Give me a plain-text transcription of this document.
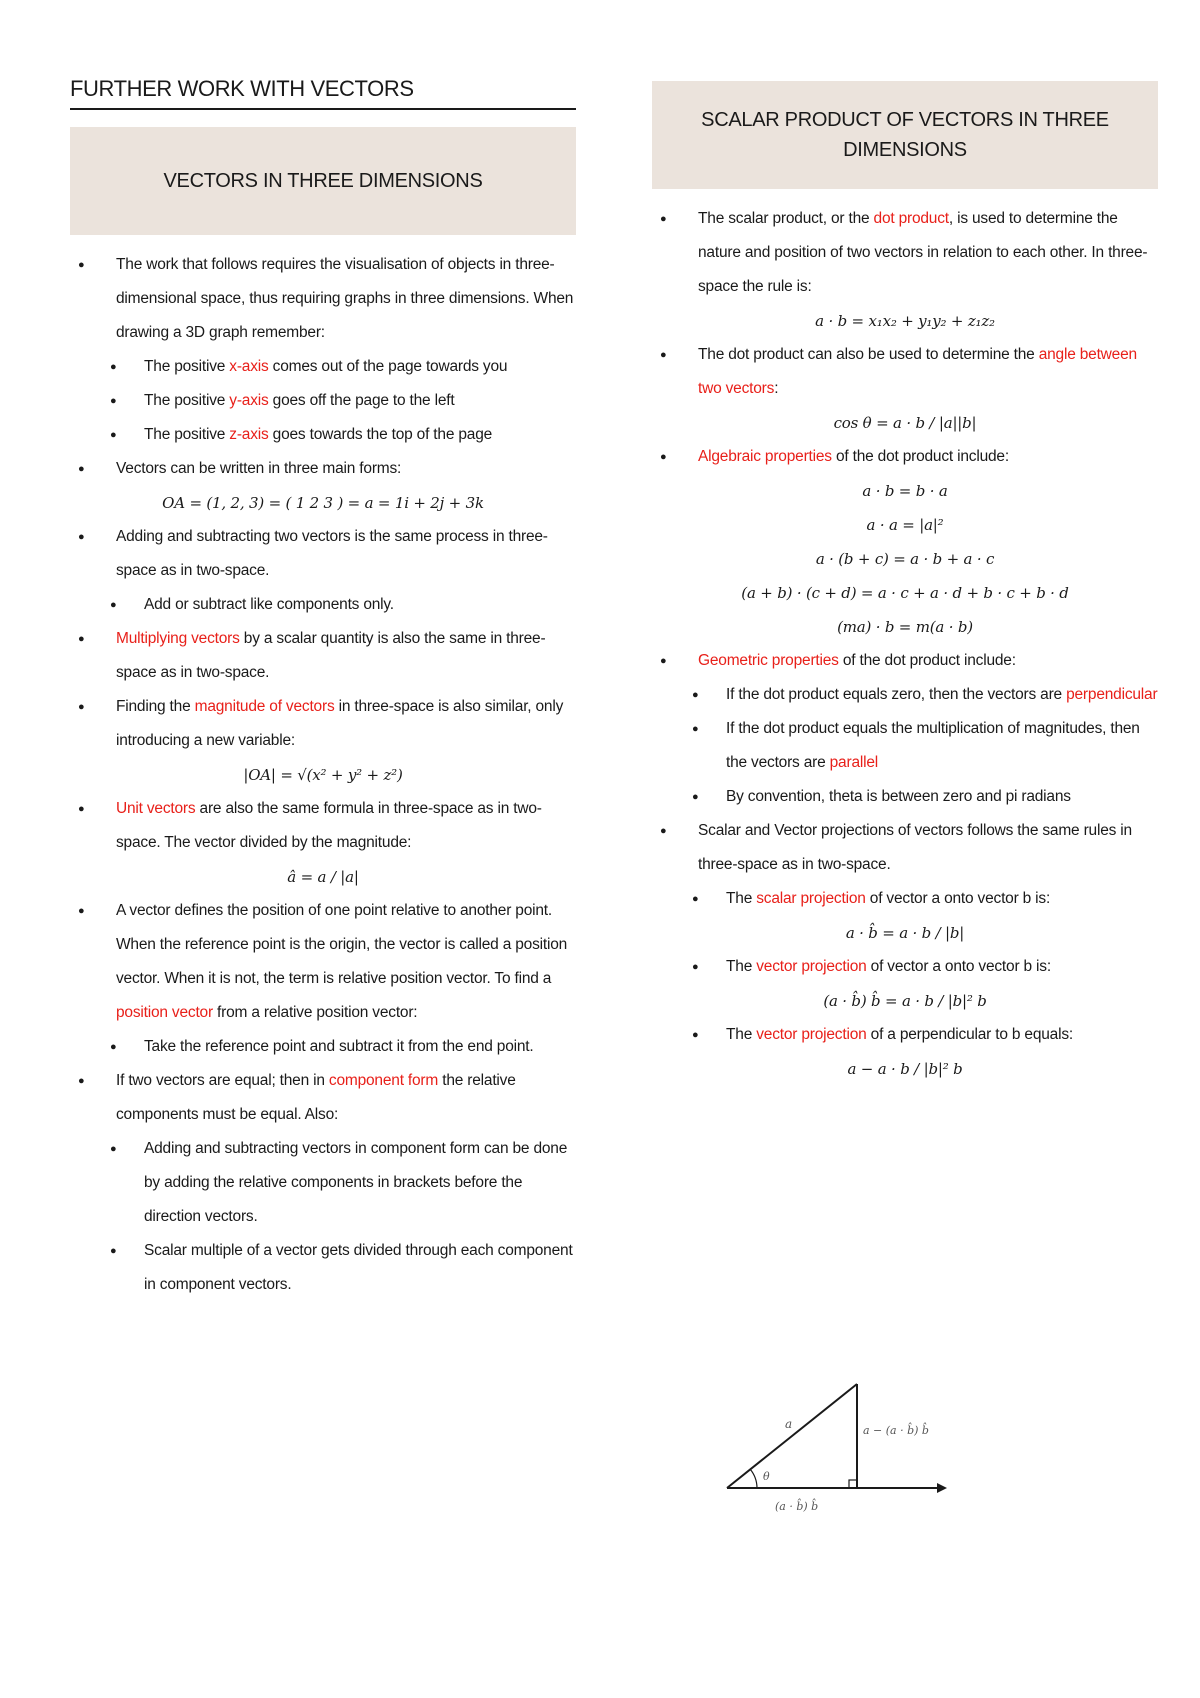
FURTHER WORK WITH VECTORS
VECTORS IN THREE DIMENSIONS
● The work that follows requires the visualisation of objects in three-dimensional space, thus requiring graphs in three dimensions. When drawing a 3D graph remember:
● The positive x-axis comes out of the page towards you
● The positive y-axis goes off the page to the left
● The positive z-axis goes towards the top of the page
● Vectors can be written in three main forms:
OA = (1, 2, 3) = ( 1 2 3 ) = a = 1i + 2j + 3k
● Adding and subtracting two vectors is the same process in three-space as in two-space.
● Add or subtract like components only.
● Multiplying vectors by a scalar quantity is also the same in three-space as in two-space.
● Finding the magnitude of vectors in three-space is also similar, only introducing a new variable:
|OA| = √(x² + y² + z²)
● Unit vectors are also the same formula in three-space as in two-space. The vector divided by the magnitude:
â = a / |a|
● A vector defines the position of one point relative to another point. When the reference point is the origin, the vector is called a position vector. When it is not, the term is relative position vector. To find a position vector from a relative position vector:
● Take the reference point and subtract it from the end point.
● If two vectors are equal; then in component form the relative components must be equal. Also:
● Adding and subtracting vectors in component form can be done by adding the relative components in brackets before the direction vectors.
● Scalar multiple of a vector gets divided through each component in component vectors.
SCALAR PRODUCT OF VECTORS IN THREE DIMENSIONS
● The scalar product, or the dot product, is used to determine the nature and position of two vectors in relation to each other. In three-space the rule is:
a · b = x₁x₂ + y₁y₂ + z₁z₂
● The dot product can also be used to determine the angle between two vectors:
cos θ = a · b / |a||b|
● Algebraic properties of the dot product include:
a · b = b · a
a · a = |a|²
a · (b + c) = a · b + a · c
(a + b) · (c + d) = a · c + a · d + b · c + b · d
(ma) · b = m(a · b)
● Geometric properties of the dot product include:
● If the dot product equals zero, then the vectors are perpendicular
● If the dot product equals the multiplication of magnitudes, then the vectors are parallel
● By convention, theta is between zero and pi radians
● Scalar and Vector projections of vectors follows the same rules in three-space as in two-space.
● The scalar projection of vector a onto vector b is:
a · b̂ = a · b / |b|
● The vector projection of vector a onto vector b is:
(a · b̂) b̂ = a · b / |b|² b
● The vector projection of a perpendicular to b equals:
a − a · b / |b|² b
a
θ
(a · b̂) b̂
a − (a · b̂) b̂
